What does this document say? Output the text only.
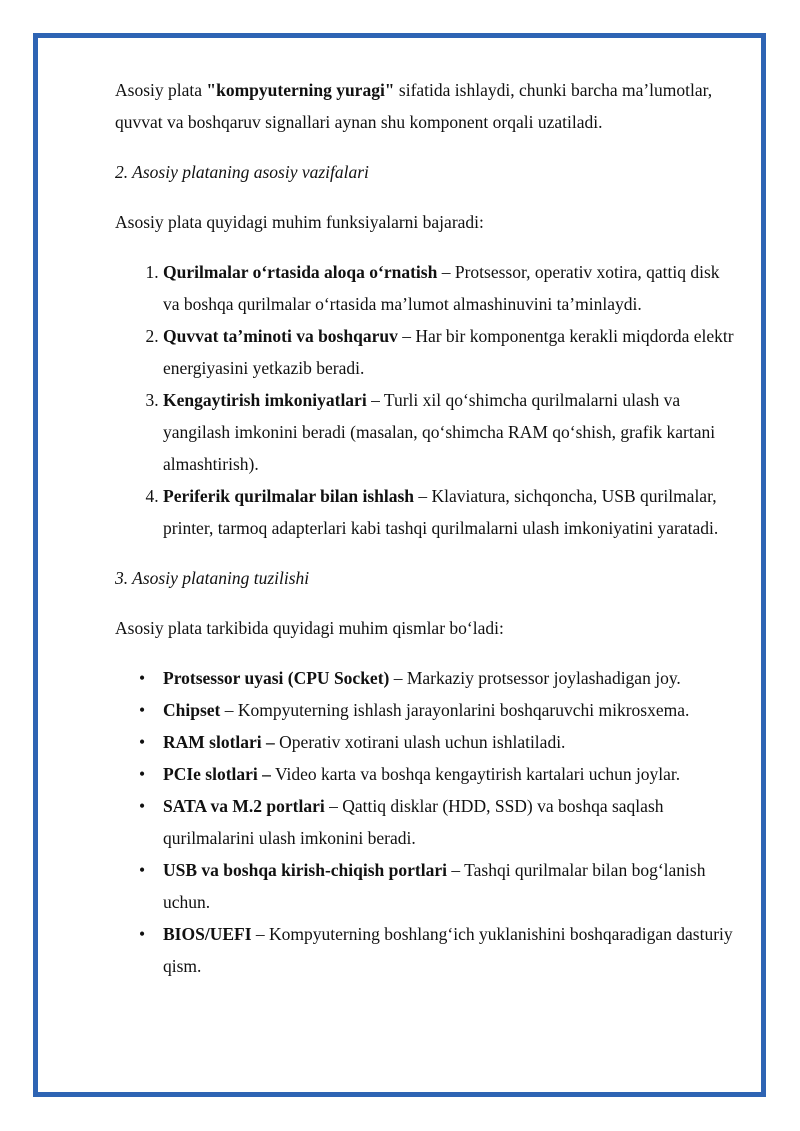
Asosiy plata "kompyuterning yuragi" sifatida ishlaydi, chunki barcha ma’lumotlar, quvvat va boshqaruv signallari aynan shu komponent orqali uzatiladi.

2. Asosiy plataning asosiy vazifalari

Asosiy plata quyidagi muhim funksiyalarni bajaradi:

1. Qurilmalar o‘rtasida aloqa o‘rnatish – Protsessor, operativ xotira, qattiq disk va boshqa qurilmalar o‘rtasida ma’lumot almashinuvini ta’minlaydi.
2. Quvvat ta’minoti va boshqaruv – Har bir komponentga kerakli miqdorda elektr energiyasini yetkazib beradi.
3. Kengaytirish imkoniyatlari – Turli xil qo‘shimcha qurilmalarni ulash va yangilash imkonini beradi (masalan, qo‘shimcha RAM qo‘shish, grafik kartani almashtirish).
4. Periferik qurilmalar bilan ishlash – Klaviatura, sichqoncha, USB qurilmalar, printer, tarmoq adapterlari kabi tashqi qurilmalarni ulash imkoniyatini yaratadi.

3. Asosiy plataning tuzilishi

Asosiy plata tarkibida quyidagi muhim qismlar bo‘ladi:

• Protsessor uyasi (CPU Socket) – Markaziy protsessor joylashadigan joy.
• Chipset – Kompyuterning ishlash jarayonlarini boshqaruvchi mikrosxema.
• RAM slotlari – Operativ xotirani ulash uchun ishlatiladi.
• PCIe slotlari – Video karta va boshqa kengaytirish kartalari uchun joylar.
• SATA va M.2 portlari – Qattiq disklar (HDD, SSD) va boshqa saqlash qurilmalarini ulash imkonini beradi.
• USB va boshqa kirish-chiqish portlari – Tashqi qurilmalar bilan bog‘lanish uchun.
• BIOS/UEFI – Kompyuterning boshlang‘ich yuklanishini boshqaradigan dasturiy qism.
